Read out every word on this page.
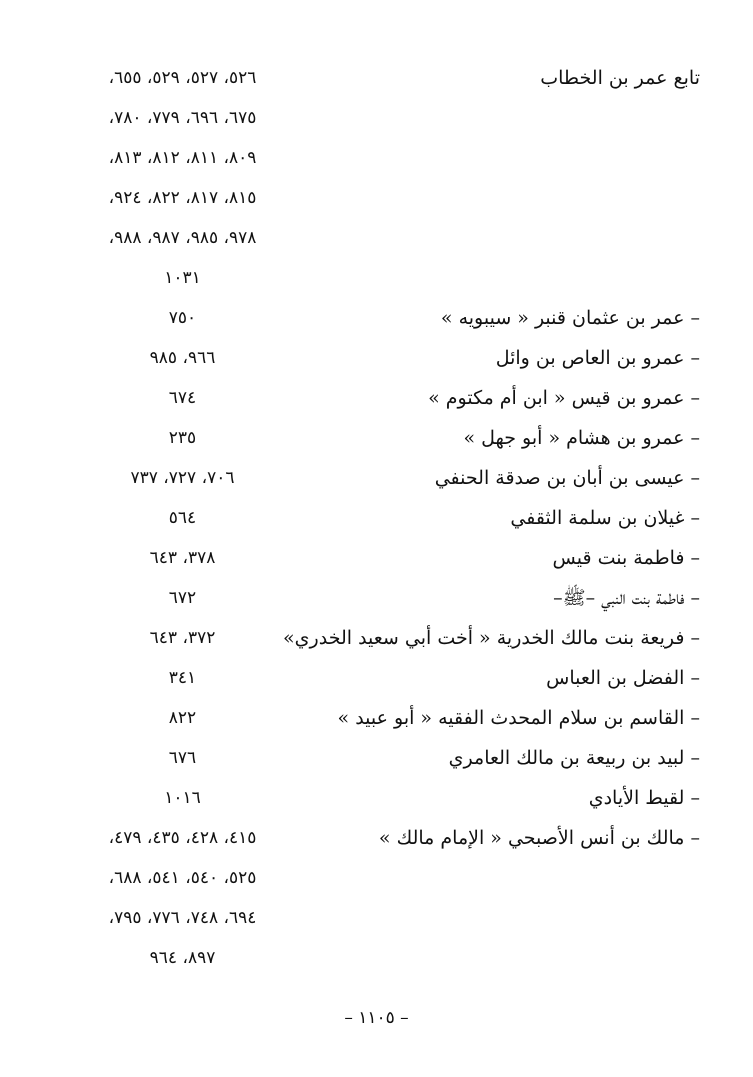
تابع عمر بن الخطاب
٥٢٦، ٥٢٧، ٥٢٩، ٦٥٥،
٦٧٥، ٦٩٦، ٧٧٩، ٧٨٠،
٨٠٩، ٨١١، ٨١٢، ٨١٣،
٨١٥، ٨١٧، ٨٢٢، ٩٢٤،
٩٧٨، ٩٨٥، ٩٨٧، ٩٨٨،
١٠٣١
– عمر بن عثمان قنبر « سيبويه »
٧٥٠
– عمرو بن العاص بن وائل
٩٦٦، ٩٨٥
– عمرو بن قيس « ابن أم مكتوم »
٦٧٤
– عمرو بن هشام « أبو جهل »
٢٣٥
– عيسى بن أبان بن صدقة الحنفي
٧٠٦، ٧٢٧، ٧٣٧
– غيلان بن سلمة الثقفي
٥٦٤
– فاطمة بنت قيس
٣٧٨، ٦٤٣
– فاطمة بنت النبي –ﷺ–
٦٧٢
– فريعة بنت مالك الخدرية « أخت أبي سعيد الخدري»
٣٧٢، ٦٤٣
– الفضل بن العباس
٣٤١
– القاسم بن سلام المحدث الفقيه « أبو عبيد »
٨٢٢
– لبيد بن ربيعة بن مالك العامري
٦٧٦
– لقيط الأيادي
١٠١٦
– مالك بن أنس الأصبحي « الإمام مالك »
٤١٥، ٤٢٨، ٤٣٥، ٤٧٩،
٥٢٥، ٥٤٠، ٥٤١، ٦٨٨،
٦٩٤، ٧٤٨، ٧٧٦، ٧٩٥،
٨٩٧، ٩٦٤
– ١١٠٥ –
